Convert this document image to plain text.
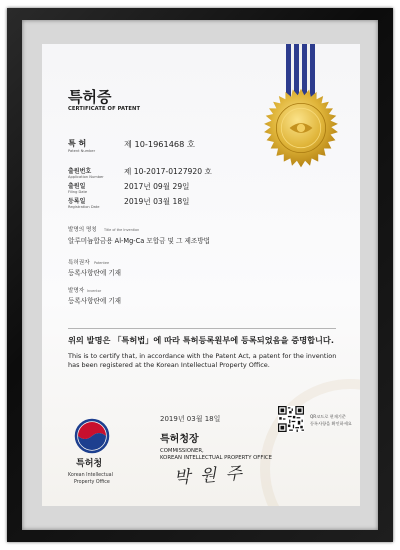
특허증
CERTIFICATE OF PATENT
특 허
Patent Number
제 10-1961468 호
출원번호
Application Number
제 10-2017-0127920 호
출원일
Filing Date
2017년 09월 29일
등록일
Registration Date
2019년 03월 18일
발명의 명칭 Title of the Invention
알루미늄합금용 Al-Mg-Ca 모합금 및 그 제조방법
특허권자 Patentee
등록사항란에 기재
발명자 Inventor
등록사항란에 기재
위의 발명은 「특허법」에 따라 특허등록원부에 등록되었음을 증명합니다.
This is to certify that, in accordance with the Patent Act, a patent for the invention
has been registered at the Korean Intellectual Property Office.
2019년 03월 18일	QR코드로 현재기준
등록사항을 확인하세요
특허청장
COMMISSIONER,
KOREAN INTELLECTUAL PROPERTY OFFICE
박 원 주
특허청
Korean Intellectual
Property Office
